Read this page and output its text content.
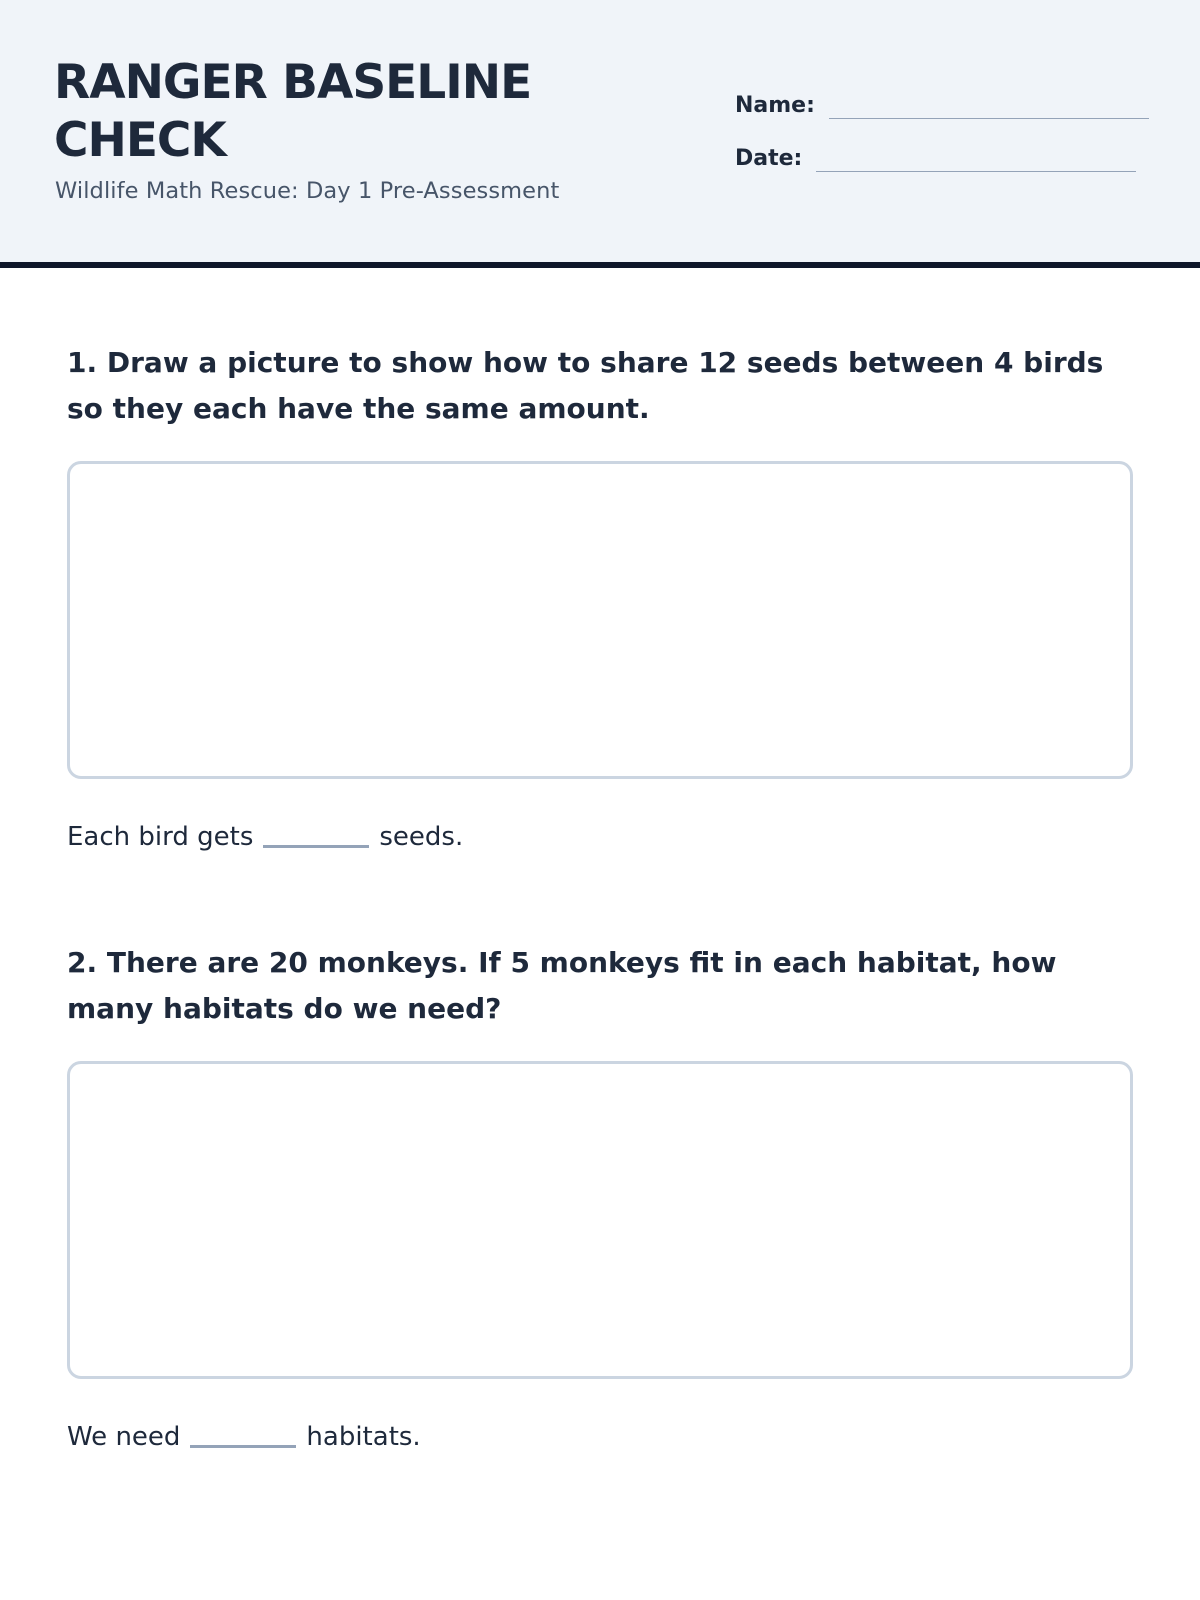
RANGER BASELINE
CHECK
Wildlife Math Rescue: Day 1 Pre-Assessment
Name:
Date:

1. Draw a picture to show how to share 12 seeds between 4 birds so they each have the same amount.

Each bird gets	seeds.

2. There are 20 monkeys. If 5 monkeys fit in each habitat, how many habitats do we need?

We need	habitats.
